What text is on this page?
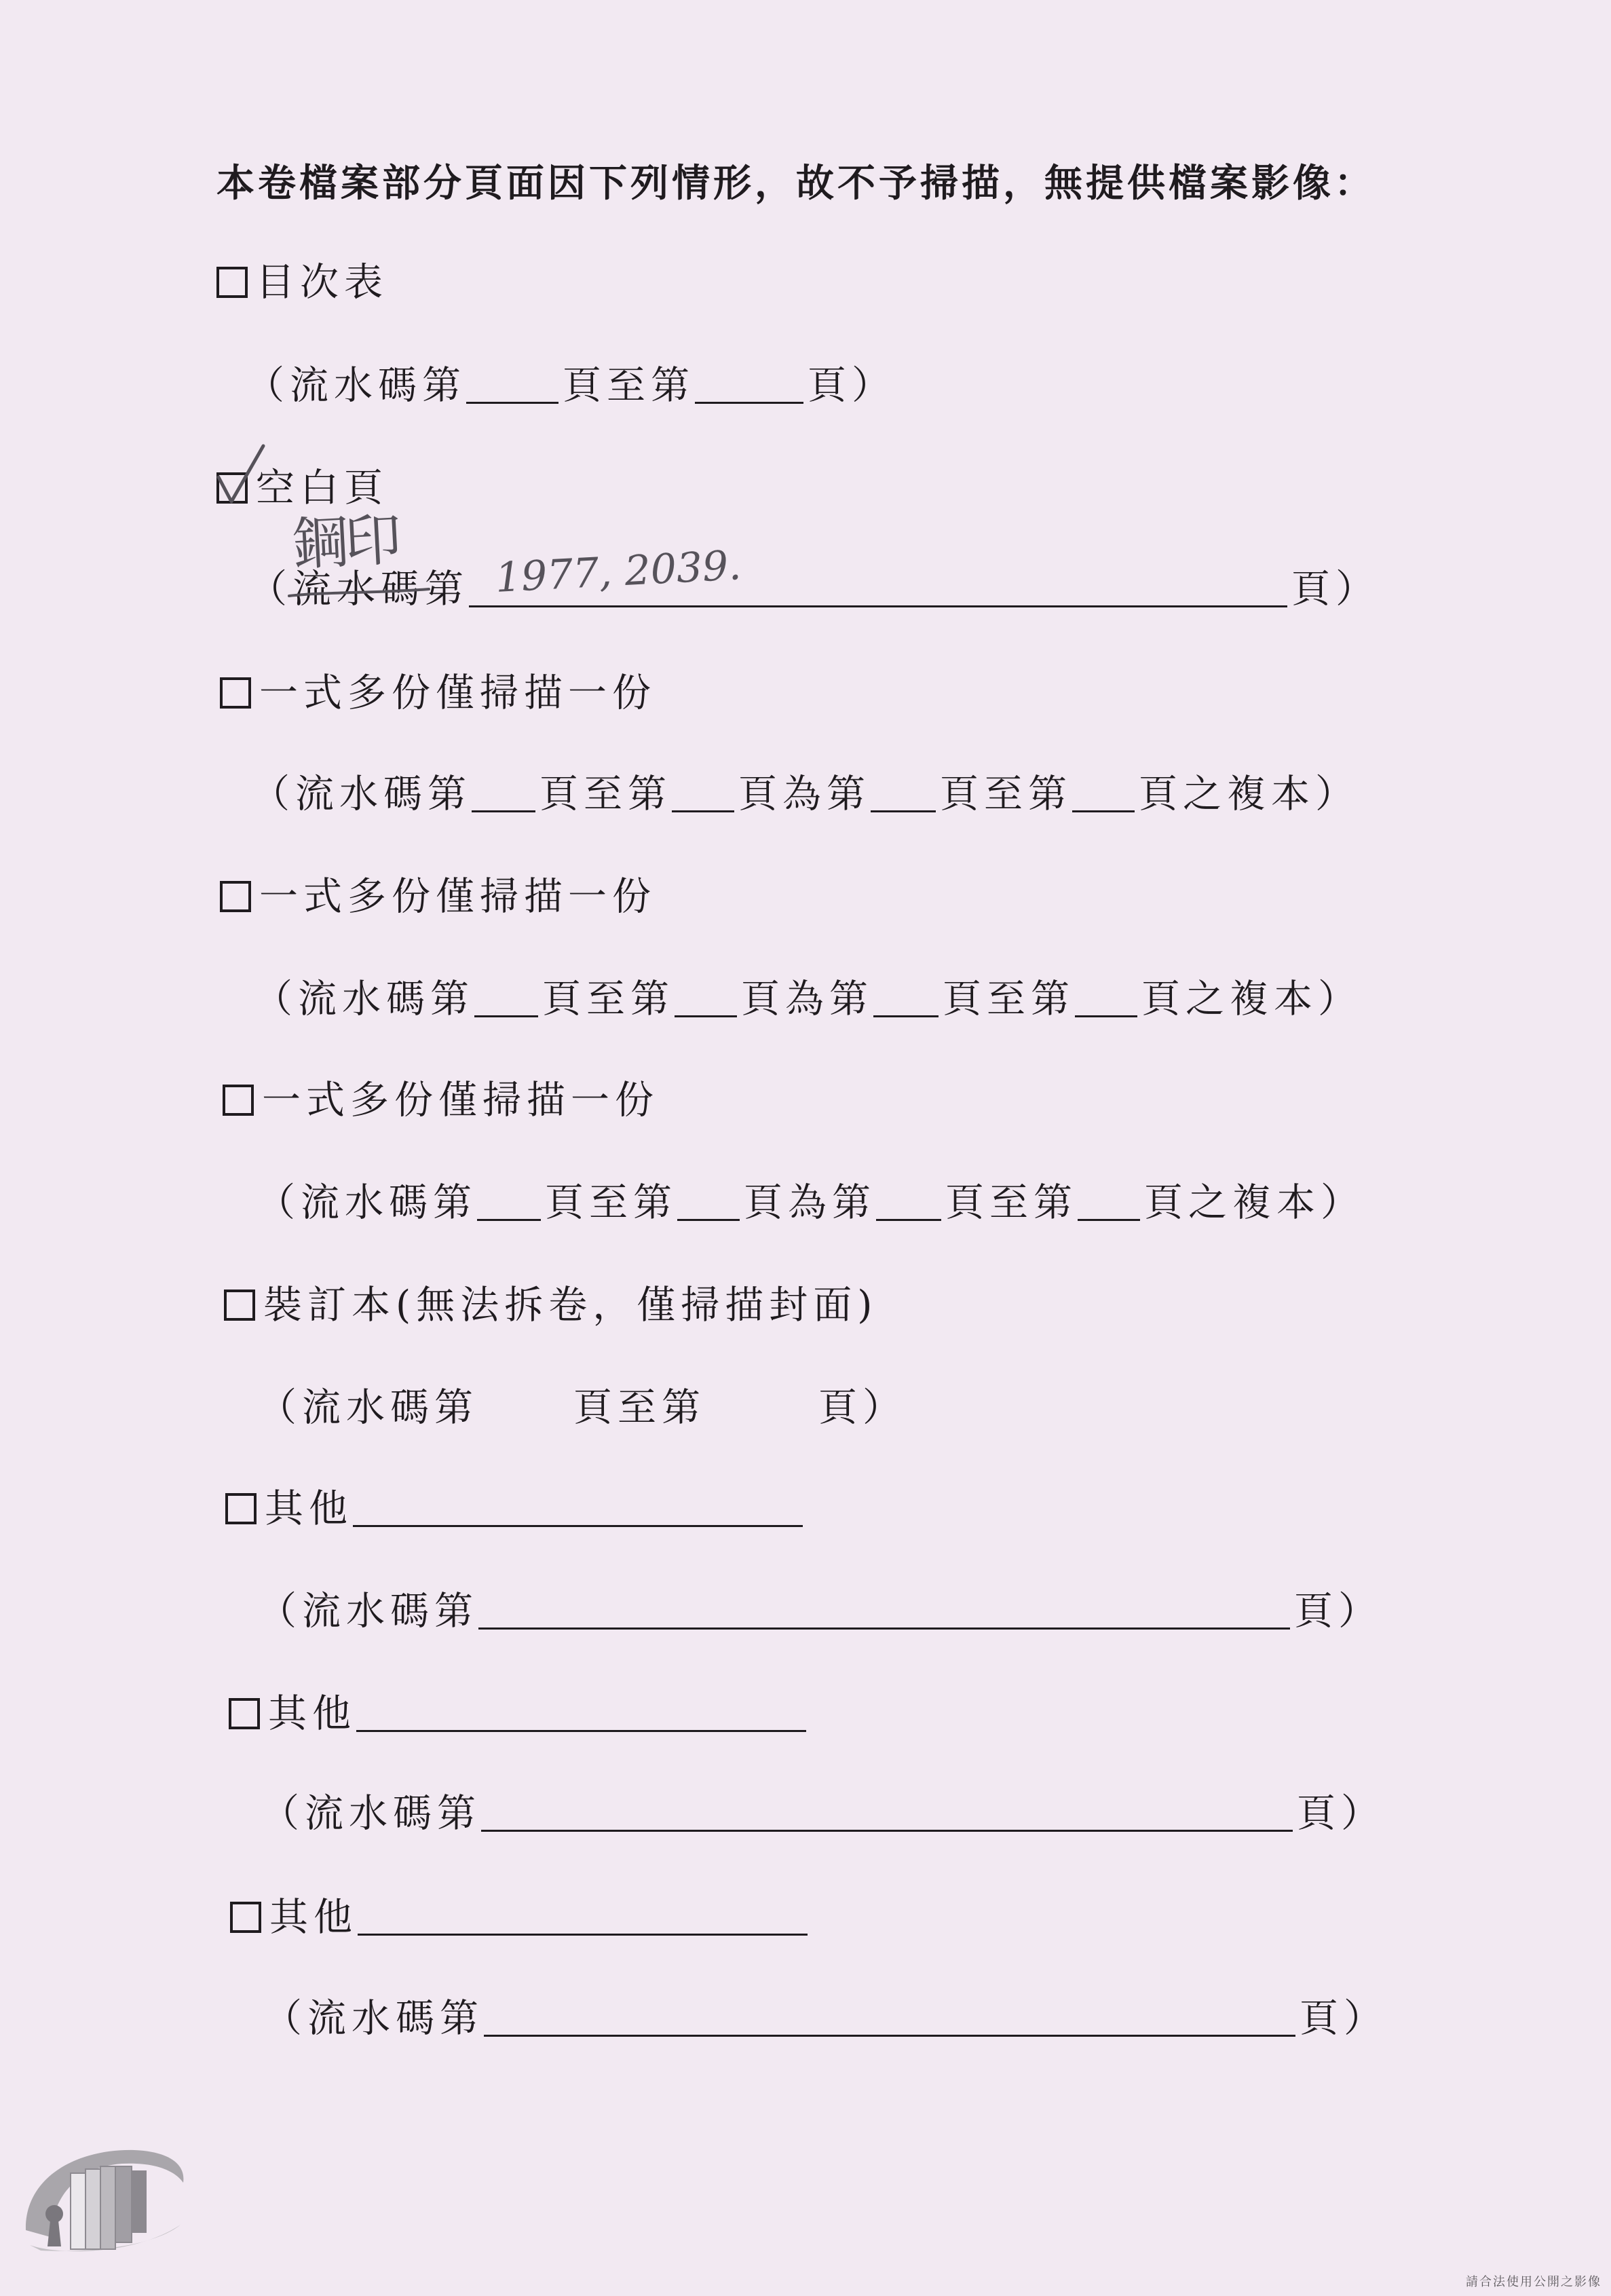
本卷檔案部分頁面因下列情形，故不予掃描，無提供檔案影像：
目次表
（流水碼第 頁至第	頁）
空白頁
（流水碼第	頁）
鋼印 1977, 2039.
一式多份僅掃描一份
（流水碼第 頁至第 頁為第 頁至第 頁之複本）
一式多份僅掃描一份
（流水碼第 頁至第 頁為第 頁至第 頁之複本）
一式多份僅掃描一份
（流水碼第 頁至第 頁為第 頁至第 頁之複本）
裝訂本(無法拆卷，僅掃描封面)
（流水碼第 頁至第	頁）
其他
（流水碼第	頁）
其他
（流水碼第	頁）
其他
（流水碼第	頁）
請合法使用公開之影像
